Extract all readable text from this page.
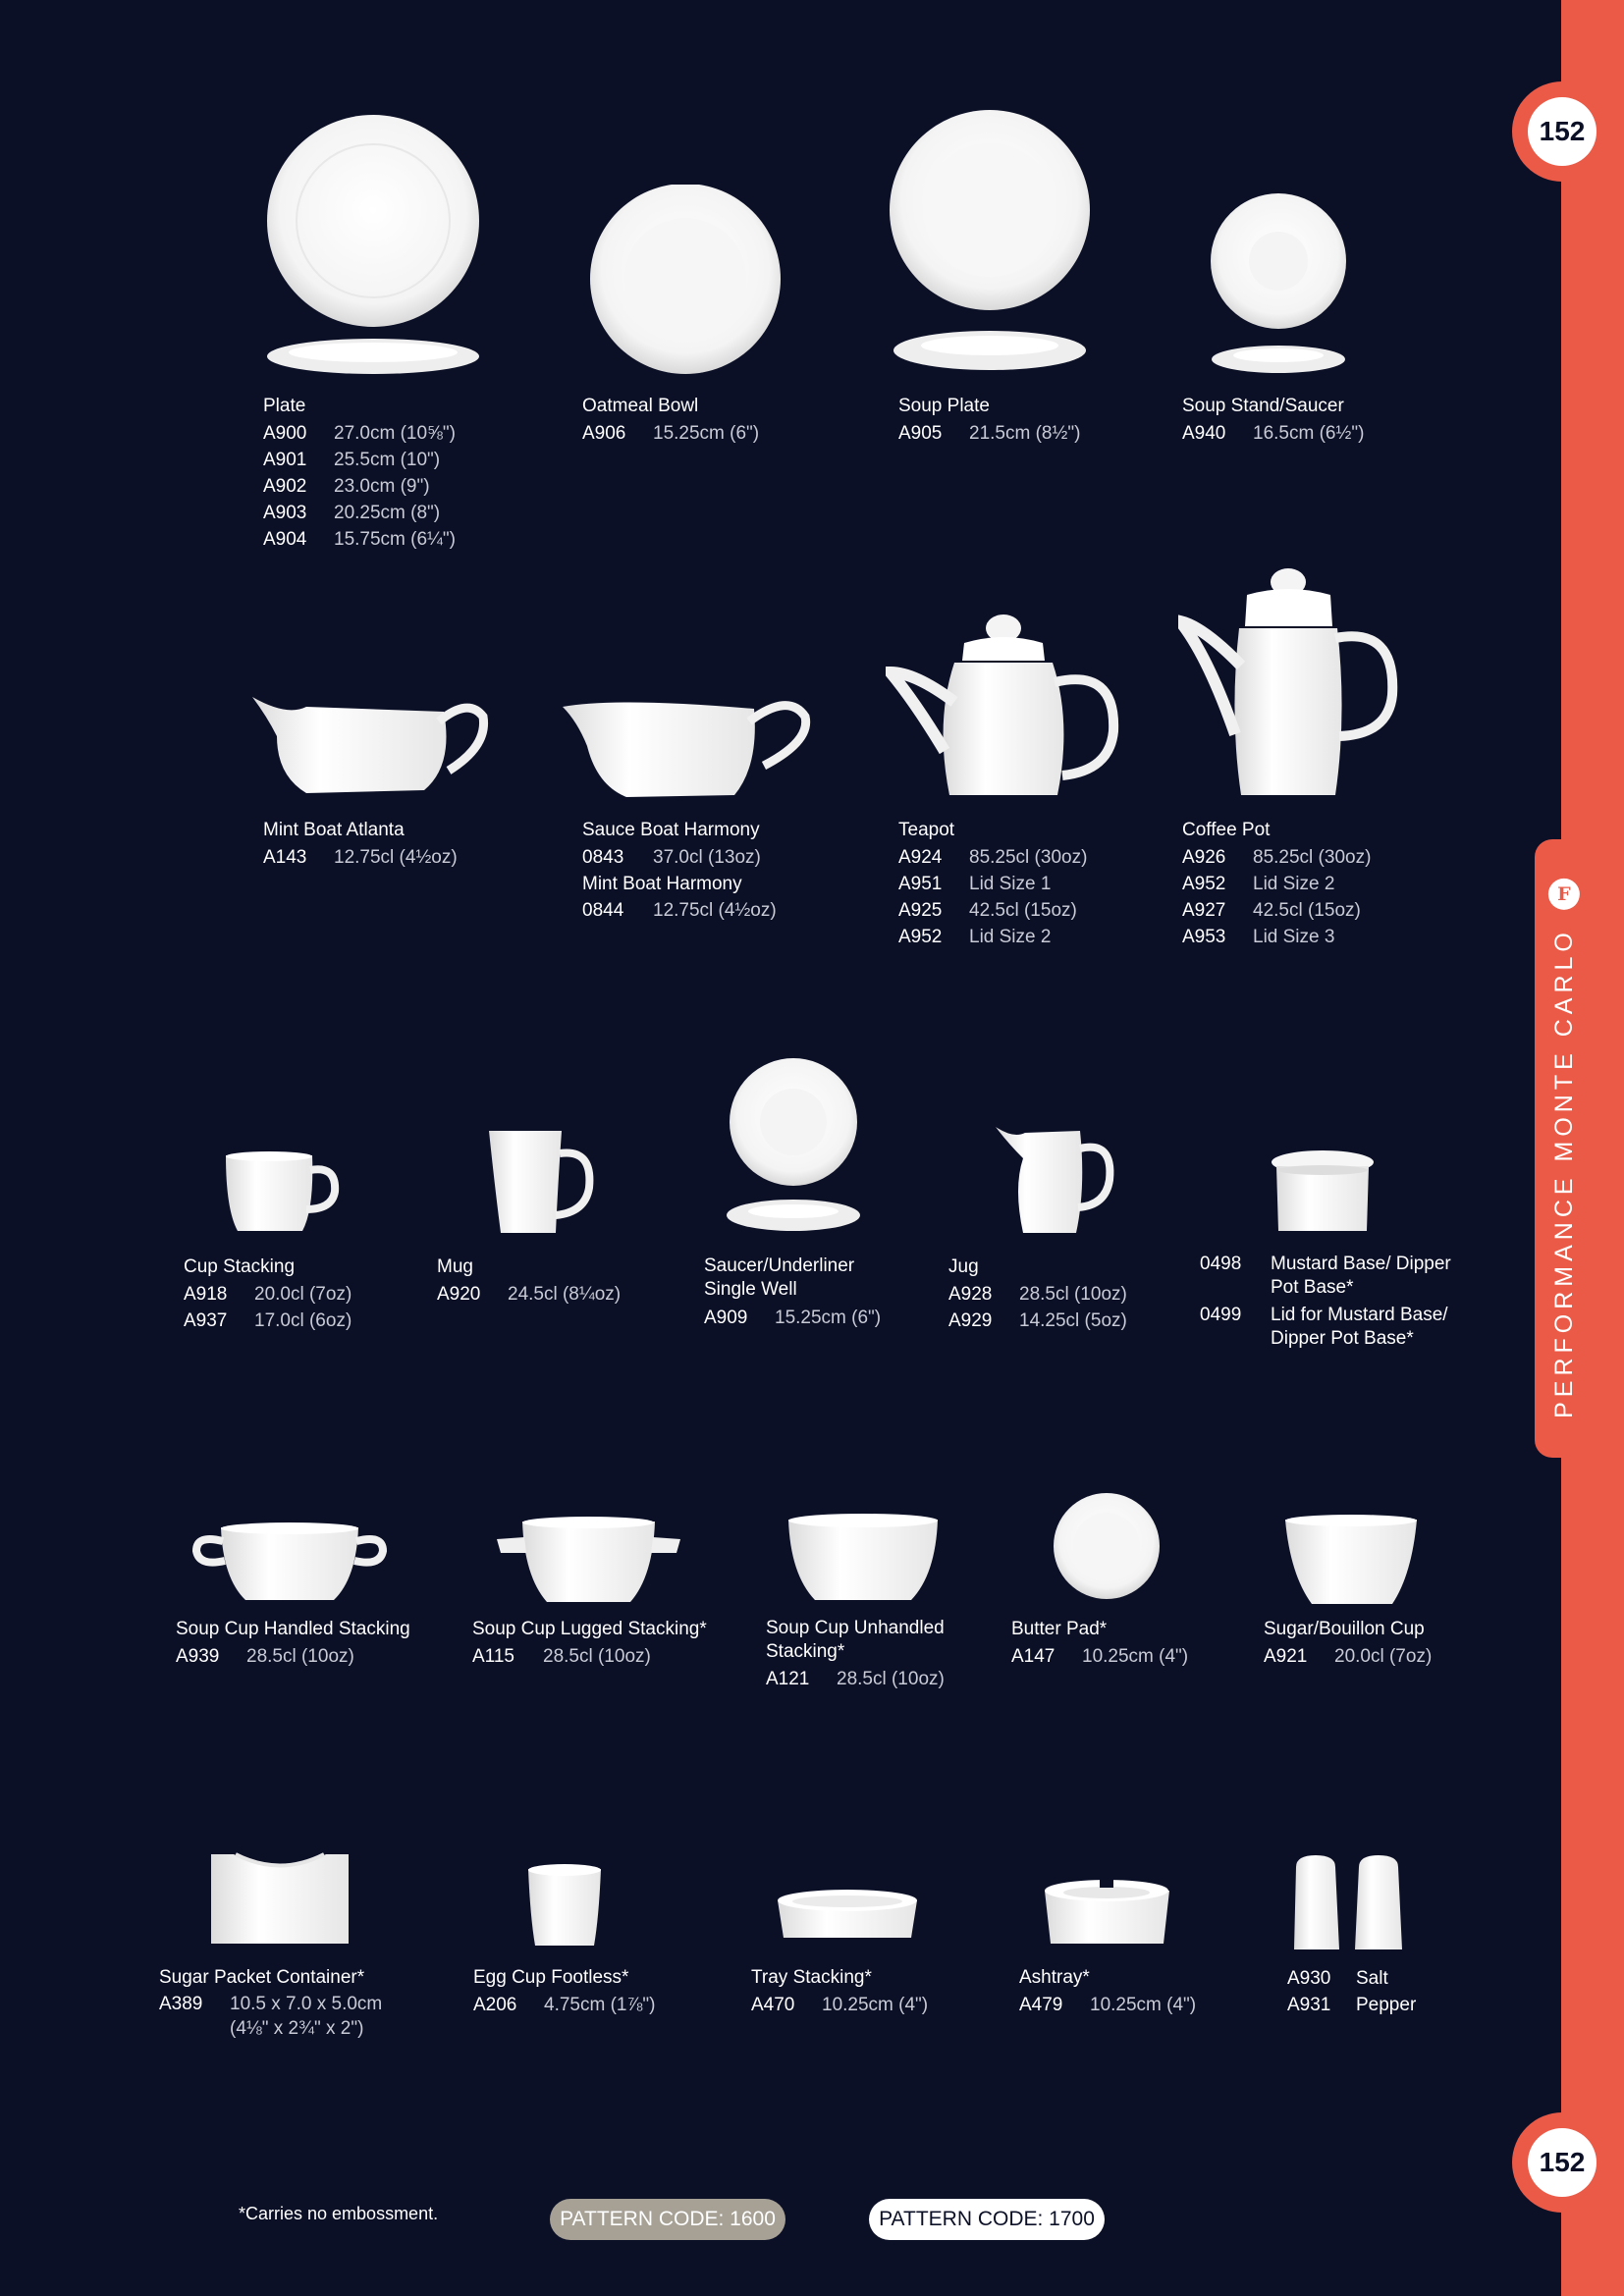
PERFORMANCE MONTE CARLO
F
152
152
Plate
A900	27.0cm (10⅝")
A901	25.5cm (10")
A902	23.0cm (9")
A903	20.25cm (8")
A904	15.75cm (6¼")
Oatmeal Bowl
A906	15.25cm (6")
Soup Plate
A905	21.5cm (8½")
Soup Stand/Saucer
A940	16.5cm (6½")
Mint Boat Atlanta
A143	12.75cl (4½oz)
Sauce Boat Harmony
0843	37.0cl (13oz)
Mint Boat Harmony
0844	12.75cl (4½oz)
Teapot
A924	85.25cl (30oz)
A951	Lid Size 1
A925	42.5cl (15oz)
A952	Lid Size 2
Coffee Pot
A926	85.25cl (30oz)
A952	Lid Size 2
A927	42.5cl (15oz)
A953	Lid Size 3
Cup Stacking
A918	20.0cl (7oz)
A937	17.0cl (6oz)
Mug
A920	24.5cl (8¼oz)
Saucer/Underliner Single Well
A909	15.25cm (6")
Jug
A928	28.5cl (10oz)
A929	14.25cl (5oz)
0498	Mustard Base/ Dipper Pot Base*
0499	Lid for Mustard Base/ Dipper Pot Base*
Soup Cup Handled Stacking
A939	28.5cl (10oz)
Soup Cup Lugged Stacking*
A115	28.5cl (10oz)
Soup Cup Unhandled Stacking*
A121	28.5cl (10oz)
Butter Pad*
A147	10.25cm (4")
Sugar/Bouillon Cup
A921	20.0cl (7oz)
Sugar Packet Container*
A389	10.5 x 7.0 x 5.0cm
(4⅛" x 2¾" x 2")
Egg Cup Footless*
A206	4.75cm (1⅞")
Tray Stacking*
A470	10.25cm (4")
Ashtray*
A479	10.25cm (4")
A930	Salt
A931	Pepper
*Carries no embossment.	PATTERN CODE: 1600	PATTERN CODE: 1700
